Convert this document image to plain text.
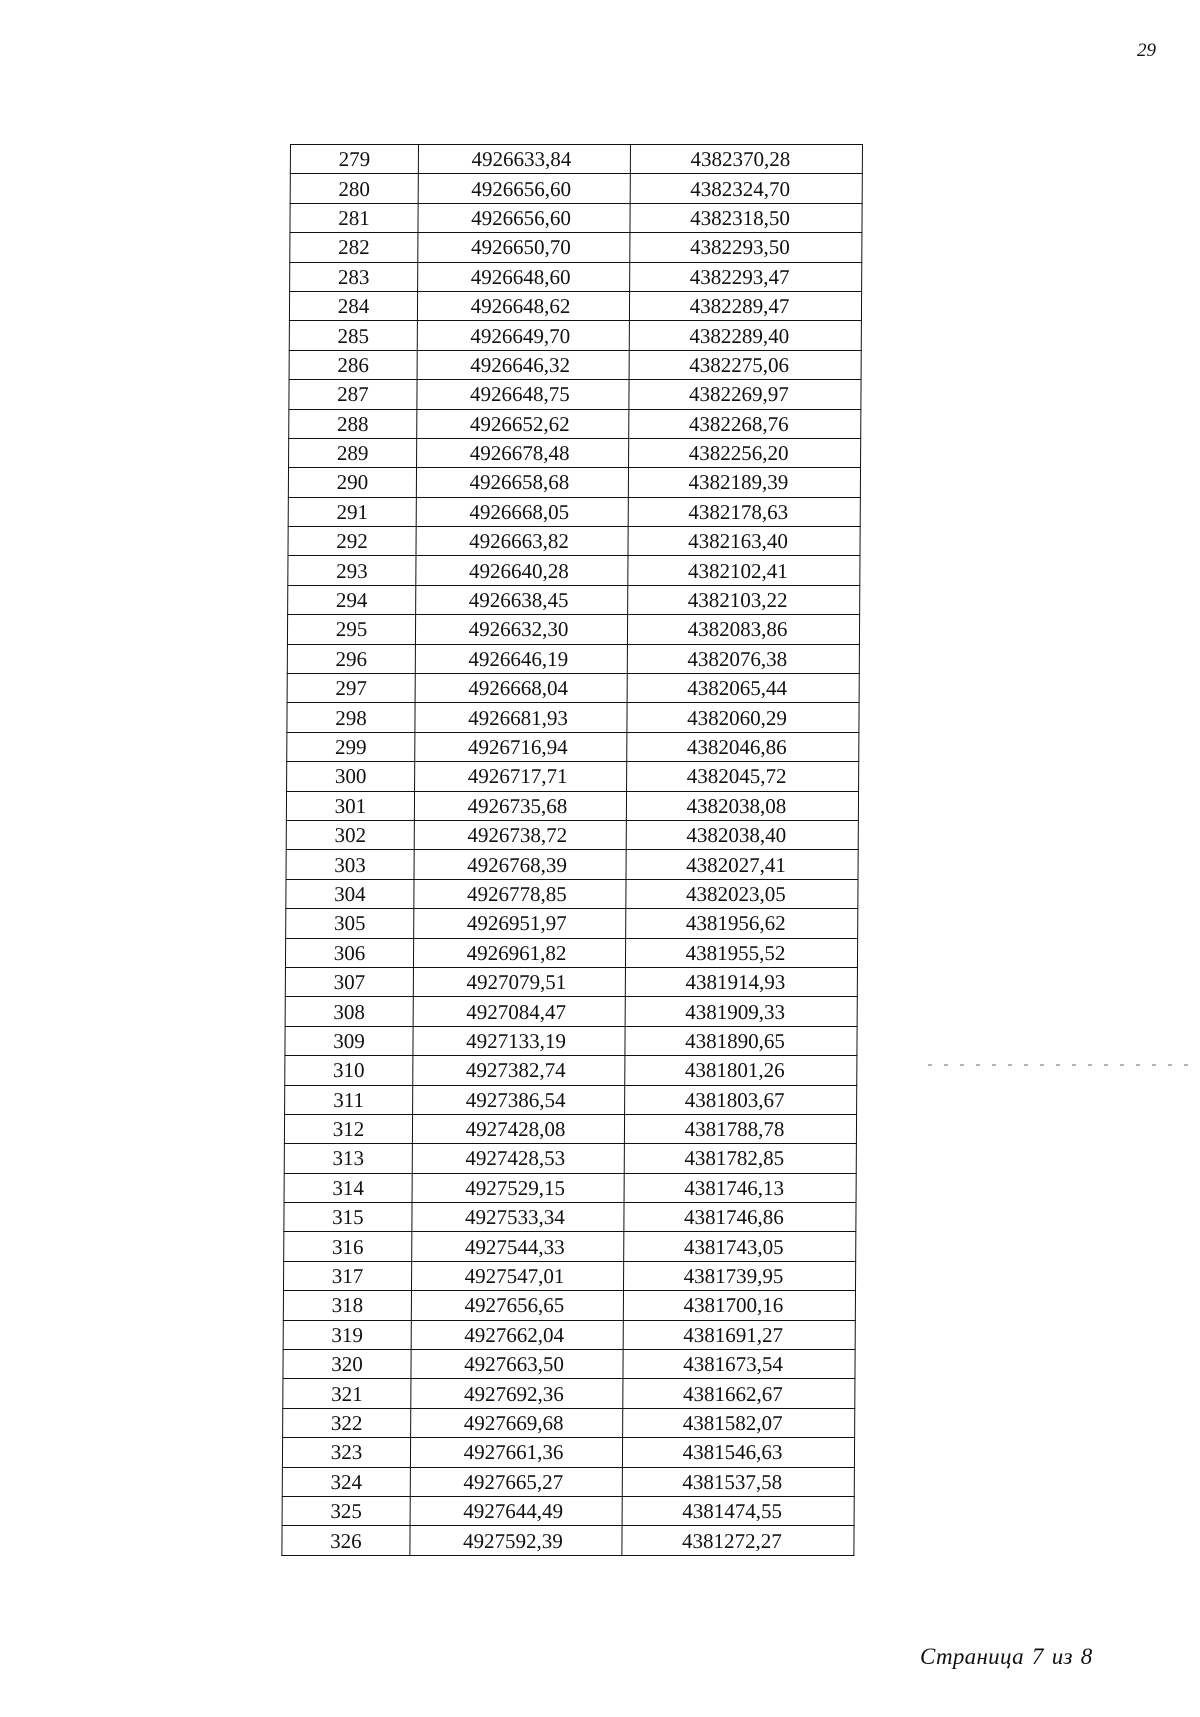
29
279	4926633,84	4382370,28
280	4926656,60	4382324,70
281	4926656,60	4382318,50
282	4926650,70	4382293,50
283	4926648,60	4382293,47
284	4926648,62	4382289,47
285	4926649,70	4382289,40
286	4926646,32	4382275,06
287	4926648,75	4382269,97
288	4926652,62	4382268,76
289	4926678,48	4382256,20
290	4926658,68	4382189,39
291	4926668,05	4382178,63
292	4926663,82	4382163,40
293	4926640,28	4382102,41
294	4926638,45	4382103,22
295	4926632,30	4382083,86
296	4926646,19	4382076,38
297	4926668,04	4382065,44
298	4926681,93	4382060,29
299	4926716,94	4382046,86
300	4926717,71	4382045,72
301	4926735,68	4382038,08
302	4926738,72	4382038,40
303	4926768,39	4382027,41
304	4926778,85	4382023,05
305	4926951,97	4381956,62
306	4926961,82	4381955,52
307	4927079,51	4381914,93
308	4927084,47	4381909,33
309	4927133,19	4381890,65
310	4927382,74	4381801,26
311	4927386,54	4381803,67
312	4927428,08	4381788,78
313	4927428,53	4381782,85
314	4927529,15	4381746,13
315	4927533,34	4381746,86
316	4927544,33	4381743,05
317	4927547,01	4381739,95
318	4927656,65	4381700,16
319	4927662,04	4381691,27
320	4927663,50	4381673,54
321	4927692,36	4381662,67
322	4927669,68	4381582,07
323	4927661,36	4381546,63
324	4927665,27	4381537,58
325	4927644,49	4381474,55
326	4927592,39	4381272,27
Страница 7 из 8
